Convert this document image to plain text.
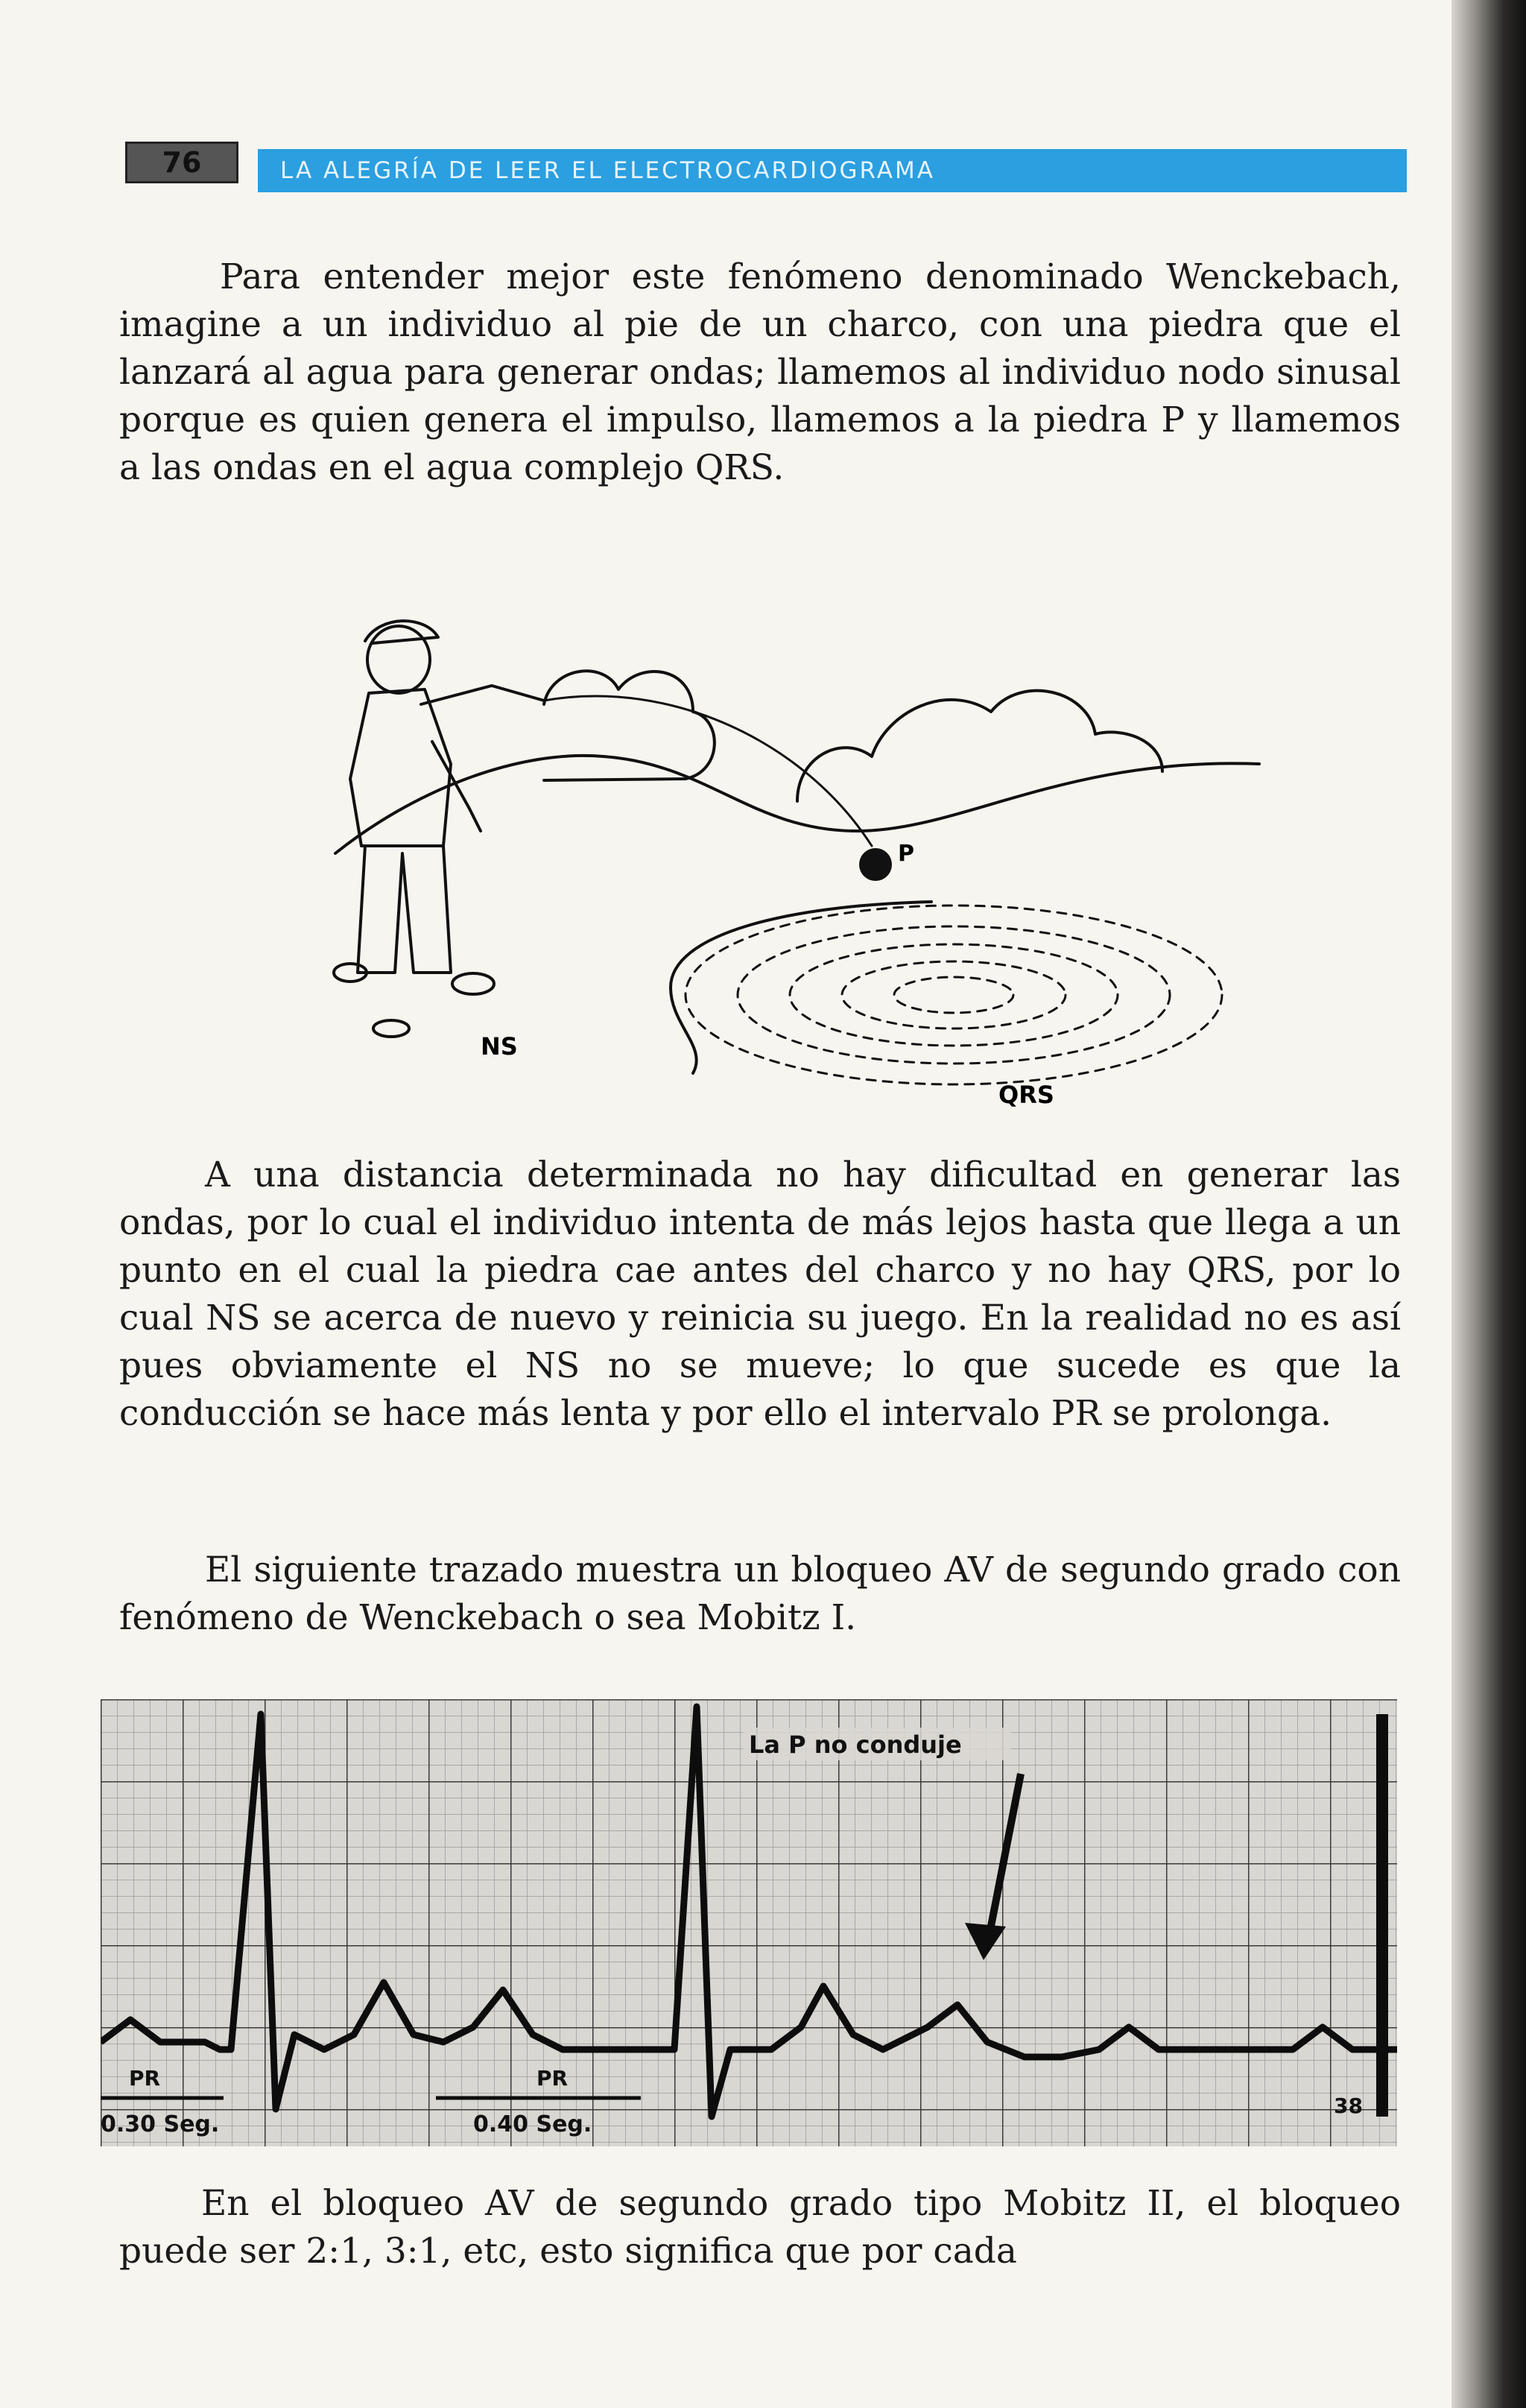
76	LA ALEGRÍA DE LEER EL ELECTROCARDIOGRAMA

Para entender mejor este fenómeno denominado Wenckebach, imagine a un individuo al pie de un charco, con una piedra que el lanzará al agua para generar ondas; llamemos al individuo nodo sinusal porque es quien genera el impulso, llamemos a la piedra P y llamemos a las ondas en el agua complejo QRS.

P
NS
QRS

A una distancia determinada no hay dificultad en generar las ondas, por lo cual el individuo intenta de más lejos hasta que llega a un punto en el cual la piedra cae antes del charco y no hay QRS, por lo cual NS se acerca de nuevo y reinicia su juego. En la realidad no es así pues obviamente el NS no se mueve; lo que sucede es que la conducción se hace más lenta y por ello el intervalo PR se prolonga.

El siguiente trazado muestra un bloqueo AV de segundo grado con fenómeno de Wenckebach o sea Mobitz I.

La P no conduje
PR
0.30 Seg.
PR
0.40 Seg.
38

En el bloqueo AV de segundo grado tipo Mobitz II, el bloqueo puede ser 2:1, 3:1, etc, esto significa que por cada
